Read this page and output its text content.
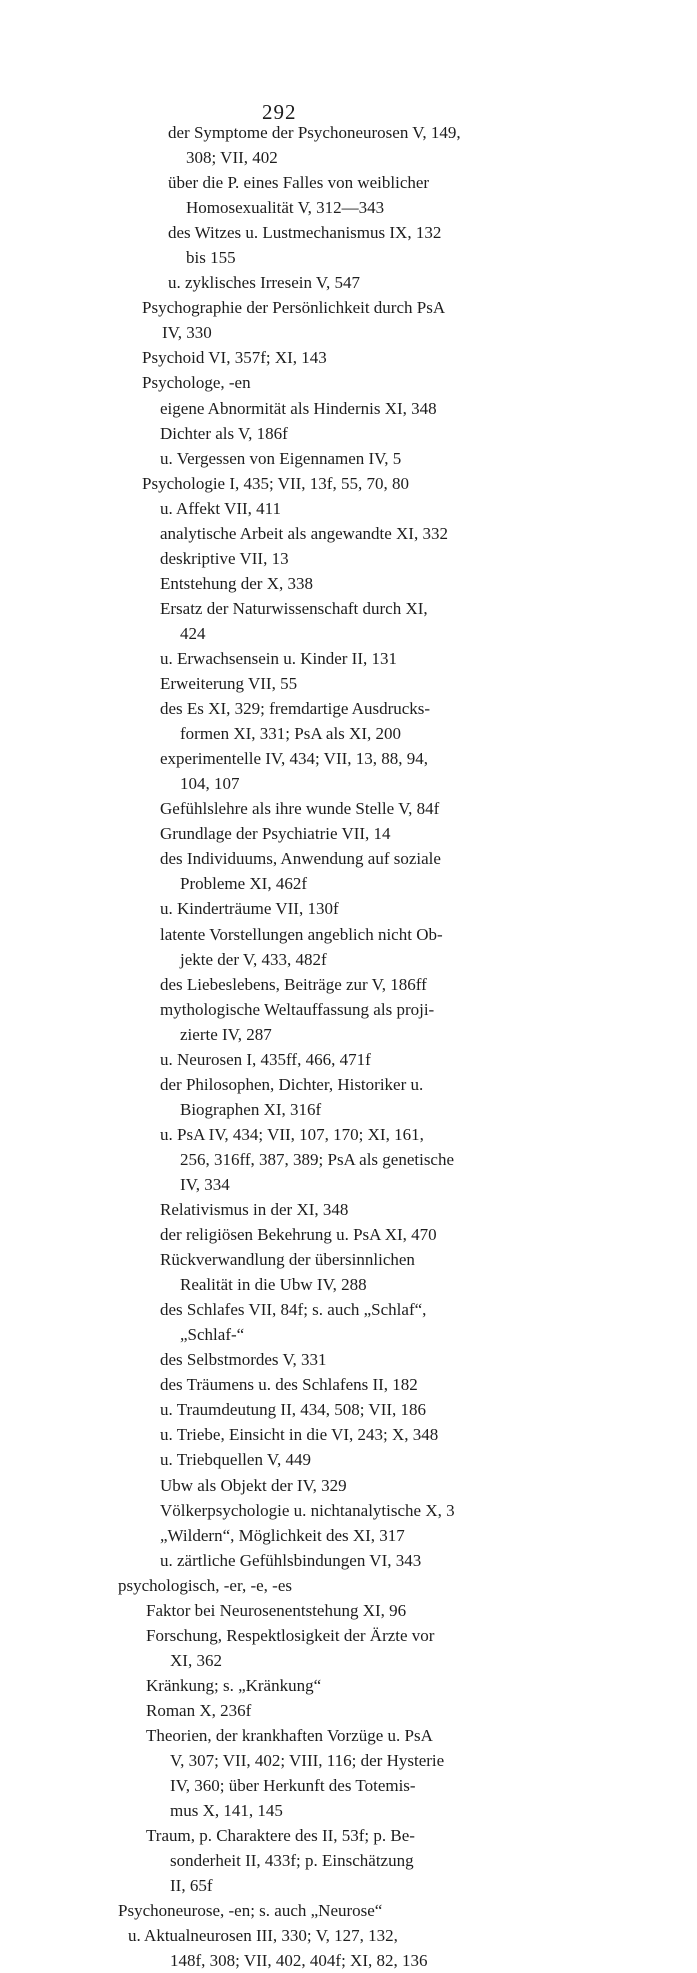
292
der Symptome der Psychoneurosen V, 149,
308; VII, 402
über die P. eines Falles von weiblicher
Homosexualität V, 312—343
des Witzes u. Lustmechanismus IX, 132
bis 155
u. zyklisches Irresein V, 547
Psychographie der Persönlichkeit durch PsA
IV, 330
Psychoid VI, 357f; XI, 143
Psychologe, -en
eigene Abnormität als Hindernis XI, 348
Dichter als V, 186f
u. Vergessen von Eigennamen IV, 5
Psychologie I, 435; VII, 13f, 55, 70, 80
u. Affekt VII, 411
analytische Arbeit als angewandte XI, 332
deskriptive VII, 13
Entstehung der X, 338
Ersatz der Naturwissenschaft durch XI,
424
u. Erwachsensein u. Kinder II, 131
Erweiterung VII, 55
des Es XI, 329; fremdartige Ausdrucks-
formen XI, 331; PsA als XI, 200
experimentelle IV, 434; VII, 13, 88, 94,
104, 107
Gefühlslehre als ihre wunde Stelle V, 84f
Grundlage der Psychiatrie VII, 14
des Individuums, Anwendung auf soziale
Probleme XI, 462f
u. Kinderträume VII, 130f
latente Vorstellungen angeblich nicht Ob-
jekte der V, 433, 482f
des Liebeslebens, Beiträge zur V, 186ff
mythologische Weltauffassung als proji-
zierte IV, 287
u. Neurosen I, 435ff, 466, 471f
der Philosophen, Dichter, Historiker u.
Biographen XI, 316f
u. PsA IV, 434; VII, 107, 170; XI, 161,
256, 316ff, 387, 389; PsA als genetische
IV, 334
Relativismus in der XI, 348
der religiösen Bekehrung u. PsA XI, 470
Rückverwandlung der übersinnlichen
Realität in die Ubw IV, 288
des Schlafes VII, 84f; s. auch „Schlaf“,
„Schlaf-“
des Selbstmordes V, 331
des Träumens u. des Schlafens II, 182
u. Traumdeutung II, 434, 508; VII, 186
u. Triebe, Einsicht in die VI, 243; X, 348
u. Triebquellen V, 449
Ubw als Objekt der IV, 329
Völkerpsychologie u. nichtanalytische X, 3
„Wildern“, Möglichkeit des XI, 317
u. zärtliche Gefühlsbindungen VI, 343
psychologisch, -er, -e, -es
Faktor bei Neurosenentstehung XI, 96
Forschung, Respektlosigkeit der Ärzte vor
XI, 362
Kränkung; s. „Kränkung“
Roman X, 236f
Theorien, der krankhaften Vorzüge u. PsA
V, 307; VII, 402; VIII, 116; der Hysterie
IV, 360; über Herkunft des Totemis-
mus X, 141, 145
Traum, p. Charaktere des II, 53f; p. Be-
sonderheit II, 433f; p. Einschätzung
II, 65f
Psychoneurose, -en; s. auch „Neurose“
u. Aktualneurosen III, 330; V, 127, 132,
148f, 308; VII, 402, 404f; XI, 82, 136
